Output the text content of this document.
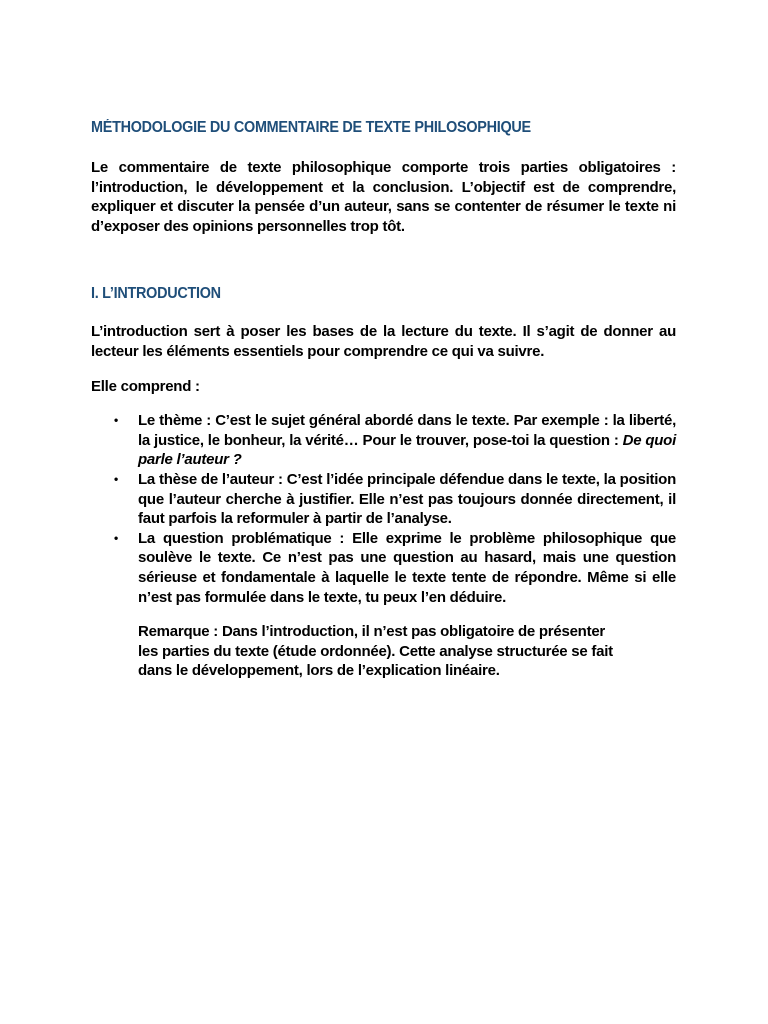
MÉTHODOLOGIE DU COMMENTAIRE DE TEXTE PHILOSOPHIQUE

Le commentaire de texte philosophique comporte trois parties obligatoires : l’introduction, le développement et la conclusion. L’objectif est de comprendre, expliquer et discuter la pensée d’un auteur, sans se contenter de résumer le texte ni d’exposer des opinions personnelles trop tôt.

I. L’INTRODUCTION

L’introduction sert à poser les bases de la lecture du texte. Il s’agit de donner au lecteur les éléments essentiels pour comprendre ce qui va suivre.

Elle comprend :

• Le thème : C’est le sujet général abordé dans le texte. Par exemple : la liberté, la justice, le bonheur, la vérité… Pour le trouver, pose-toi la question : De quoi parle l’auteur ?
• La thèse de l’auteur : C’est l’idée principale défendue dans le texte, la position que l’auteur cherche à justifier. Elle n’est pas toujours donnée directement, il faut parfois la reformuler à partir de l’analyse.
• La question problématique : Elle exprime le problème philosophique que soulève le texte. Ce n’est pas une question au hasard, mais une question sérieuse et fondamentale à laquelle le texte tente de répondre. Même si elle n’est pas formulée dans le texte, tu peux l’en déduire.
Remarque : Dans l’introduction, il n’est pas obligatoire de présenter
les parties du texte (étude ordonnée). Cette analyse structurée se fait
dans le développement, lors de l’explication linéaire.
